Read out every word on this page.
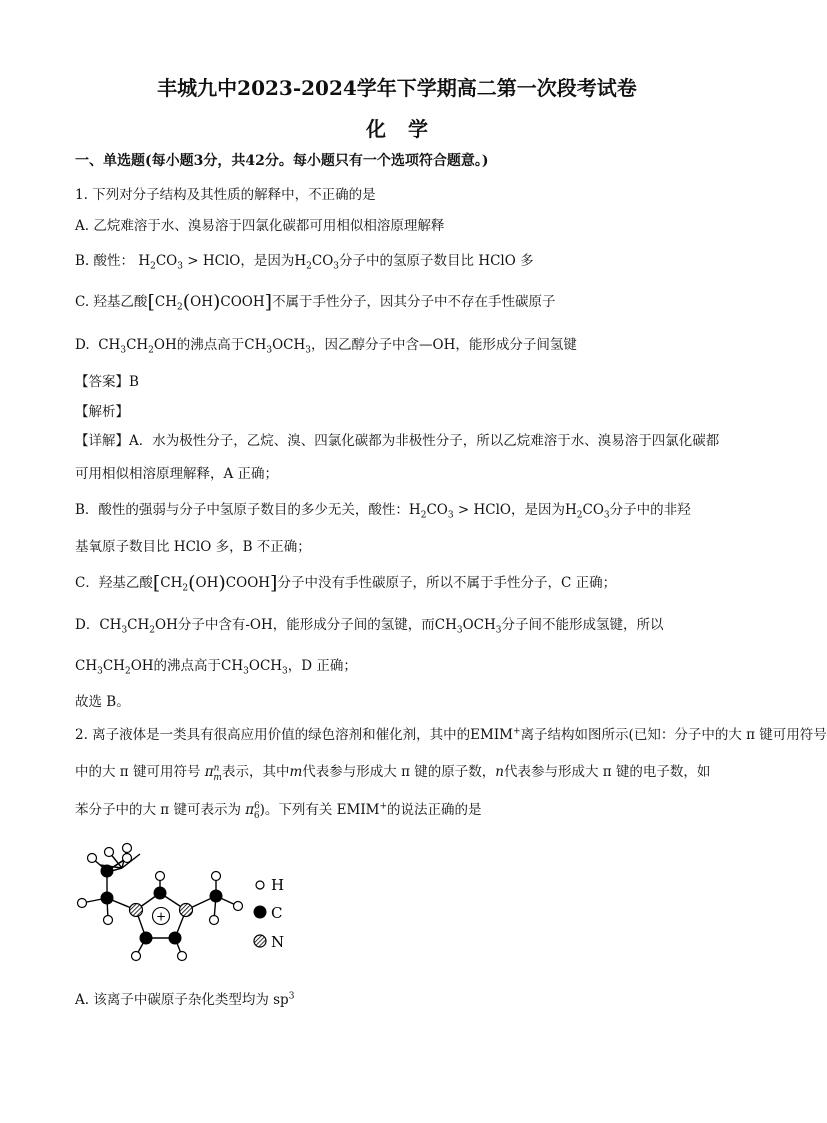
丰城九中2023-2024学年下学期高二第一次段考试卷
化学
一、单选题(每小题3分，共42分。每小题只有一个选项符合题意。)
1. 下列对分子结构及其性质的解释中，不正确的是
A. 乙烷难溶于水、溴易溶于四氯化碳都可用相似相溶原理解释
B. 酸性： $H_2CO_3$ > HClO，是因为$H_2CO_3$分子中的氢原子数目比 HClO 多
C. 羟基乙酸$[CH_2(OH)COOH]$不属于手性分子，因其分子中不存在手性碳原子
D.  $CH_3CH_2OH$的沸点高于$CH_3OCH_3$，因乙醇分子中含—OH，能形成分子间氢键
【答案】B
【解析】
【详解】A．水为极性分子，乙烷、溴、四氯化碳都为非极性分子，所以乙烷难溶于水、溴易溶于四氯化碳都可用相似相溶原理解释，A 正确；
B．酸性的强弱与分子中氢原子数目的多少无关，酸性：$H_2CO_3$ > HClO，是因为$H_2CO_3$分子中的非羟
基氧原子数目比 HClO 多，B 不正确；
C．羟基乙酸$[CH_2(OH)COOH]$分子中没有手性碳原子，所以不属于手性分子，C 正确；
D．$CH_3CH_2OH$分子中含有-OH，能形成分子间的氢键，而$CH_3OCH_3$分子间不能形成氢键，所以
$CH_3CH_2OH$的沸点高于$CH_3OCH_3$，D 正确；
故选 B。
2. 离子液体是一类具有很高应用价值的绿色溶剂和催化剂，其中的EMIM+离子结构如图所示(已知：分子中的大 π 键可用符号
中的大 π 键可用符号 $\pi^n_m$表示，其中m代表参与形成大 π 键的原子数，n代表参与形成大 π 键的电子数，如
苯分子中的大 π 键可表示为 $\pi^6_6$)。下列有关 EMIM+的说法正确的是
+
H
C
N
A. 该离子中碳原子杂化类型均为 $sp^3$
